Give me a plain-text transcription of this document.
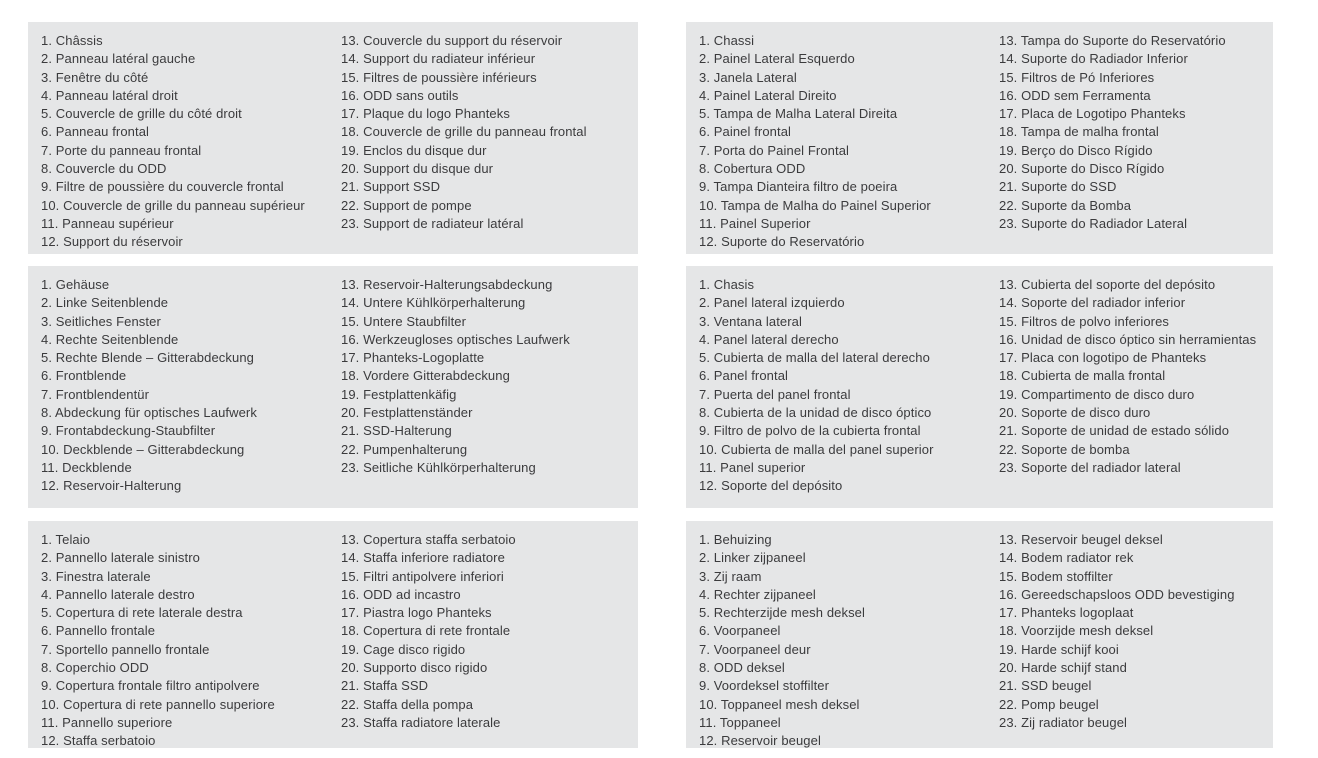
1. Châssis
2. Panneau latéral gauche
3. Fenêtre du côté
4. Panneau latéral droit
5. Couvercle de grille du côté droit
6. Panneau frontal
7. Porte du panneau frontal
8. Couvercle du ODD
9. Filtre de poussière du couvercle frontal
10. Couvercle de grille du panneau supérieur
11. Panneau supérieur
12. Support du réservoir
13. Couvercle du support du réservoir
14. Support du radiateur inférieur
15. Filtres de poussière inférieurs
16. ODD sans outils
17. Plaque du logo Phanteks
18. Couvercle de grille du panneau frontal
19. Enclos du disque dur
20. Support du disque dur
21. Support SSD
22. Support de pompe
23. Support de radiateur latéral
1. Chassi
2. Painel Lateral Esquerdo
3. Janela Lateral
4. Painel Lateral Direito
5. Tampa de Malha Lateral Direita
6. Painel frontal
7. Porta do Painel Frontal
8. Cobertura ODD
9. Tampa Dianteira filtro de poeira
10. Tampa de Malha do Painel Superior
11. Painel Superior
12. Suporte do Reservatório
13. Tampa do Suporte do Reservatório
14. Suporte do Radiador Inferior
15. Filtros de Pó Inferiores
16. ODD sem Ferramenta
17. Placa de Logotipo Phanteks
18. Tampa de malha frontal
19. Berço do Disco Rígido
20. Suporte do Disco Rígido
21. Suporte do SSD
22. Suporte da Bomba
23. Suporte do Radiador Lateral
1. Gehäuse
2. Linke Seitenblende
3. Seitliches Fenster
4. Rechte Seitenblende
5. Rechte Blende – Gitterabdeckung
6. Frontblende
7. Frontblendentür
8. Abdeckung für optisches Laufwerk
9. Frontabdeckung-Staubfilter
10. Deckblende – Gitterabdeckung
11. Deckblende
12. Reservoir-Halterung
13. Reservoir-Halterungsabdeckung
14. Untere Kühlkörperhalterung
15. Untere Staubfilter
16. Werkzeugloses optisches Laufwerk
17. Phanteks-Logoplatte
18. Vordere Gitterabdeckung
19. Festplattenkäfig
20. Festplattenständer
21. SSD-Halterung
22. Pumpenhalterung
23. Seitliche Kühlkörperhalterung
1. Chasis
2. Panel lateral izquierdo
3. Ventana lateral
4. Panel lateral derecho
5. Cubierta de malla del lateral derecho
6. Panel frontal
7. Puerta del panel frontal
8. Cubierta de la unidad de disco óptico
9. Filtro de polvo de la cubierta frontal
10. Cubierta de malla del panel superior
11. Panel superior
12. Soporte del depósito
13. Cubierta del soporte del depósito
14. Soporte del radiador inferior
15. Filtros de polvo inferiores
16. Unidad de disco óptico sin herramientas
17. Placa con logotipo de Phanteks
18. Cubierta de malla frontal
19. Compartimento de disco duro
20. Soporte de disco duro
21. Soporte de unidad de estado sólido
22. Soporte de bomba
23. Soporte del radiador lateral
1. Telaio
2. Pannello laterale sinistro
3. Finestra laterale
4. Pannello laterale destro
5. Copertura di rete laterale destra
6. Pannello frontale
7. Sportello pannello frontale
8. Coperchio ODD
9. Copertura frontale filtro antipolvere
10. Copertura di rete pannello superiore
11. Pannello superiore
12. Staffa serbatoio
13. Copertura staffa serbatoio
14. Staffa inferiore radiatore
15. Filtri antipolvere inferiori
16. ODD ad incastro
17. Piastra logo Phanteks
18. Copertura di rete frontale
19. Cage disco rigido
20. Supporto disco rigido
21. Staffa SSD
22. Staffa della pompa
23. Staffa radiatore laterale
1. Behuizing
2. Linker zijpaneel
3. Zij raam
4. Rechter zijpaneel
5. Rechterzijde mesh deksel
6. Voorpaneel
7. Voorpaneel deur
8. ODD deksel
9. Voordeksel stoffilter
10. Toppaneel mesh deksel
11. Toppaneel
12. Reservoir beugel
13. Reservoir beugel deksel
14. Bodem radiator rek
15. Bodem stoffilter
16. Gereedschapsloos ODD bevestiging
17. Phanteks logoplaat
18. Voorzijde mesh deksel
19. Harde schijf kooi
20. Harde schijf stand
21. SSD beugel
22. Pomp beugel
23. Zij radiator beugel
